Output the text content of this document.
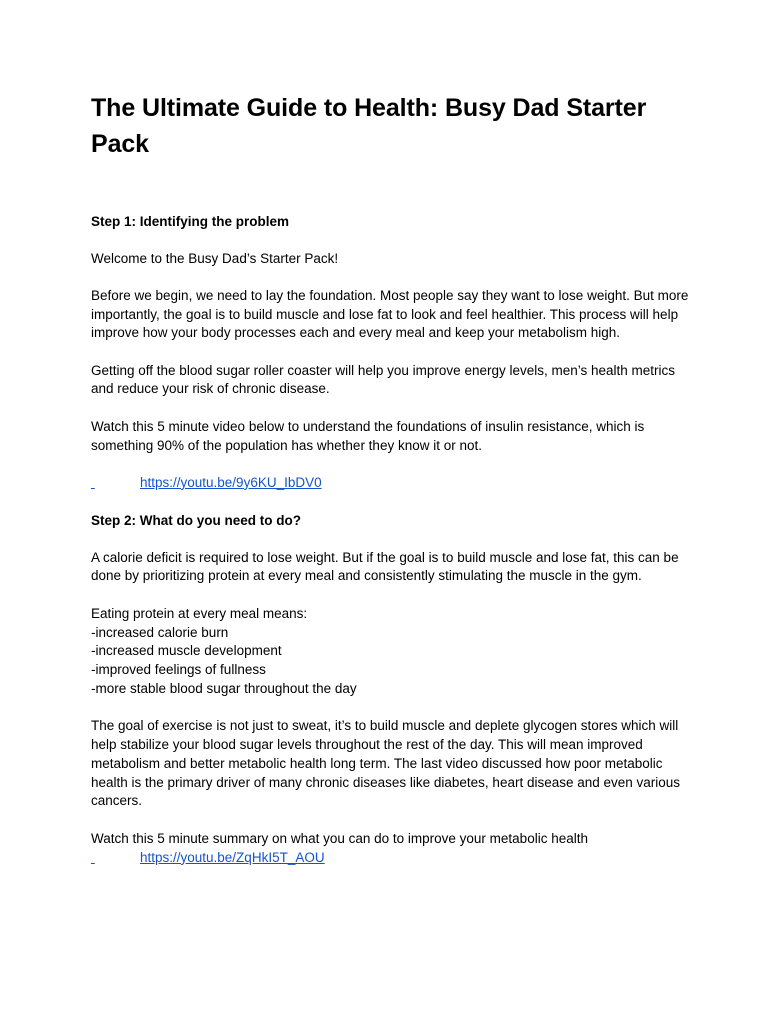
The Ultimate Guide to Health: Busy Dad Starter Pack
Step 1: Identifying the problem

Welcome to the Busy Dad’s Starter Pack!

Before we begin, we need to lay the foundation. Most people say they want to lose weight. But more importantly, the goal is to build muscle and lose fat to look and feel healthier. This process will help improve how your body processes each and every meal and keep your metabolism high.

Getting off the blood sugar roller coaster will help you improve energy levels, men’s health metrics and reduce your risk of chronic disease.

Watch this 5 minute video below to understand the foundations of insulin resistance, which is something 90% of the population has whether they know it or not.

https://youtu.be/9y6KU_IbDV0
Step 2: What do you need to do?

A calorie deficit is required to lose weight. But if the goal is to build muscle and lose fat, this can be done by prioritizing protein at every meal and consistently stimulating the muscle in the gym.

Eating protein at every meal means:

-increased calorie burn
-increased muscle development
-improved feelings of fullness
-more stable blood sugar throughout the day

The goal of exercise is not just to sweat, it’s to build muscle and deplete glycogen stores which will help stabilize your blood sugar levels throughout the rest of the day. This will mean improved metabolism and better metabolic health long term. The last video discussed how poor metabolic health is the primary driver of many chronic diseases like diabetes, heart disease and even various cancers.

Watch this 5 minute summary on what you can do to improve your metabolic health

https://youtu.be/ZqHkI5T_AOU
